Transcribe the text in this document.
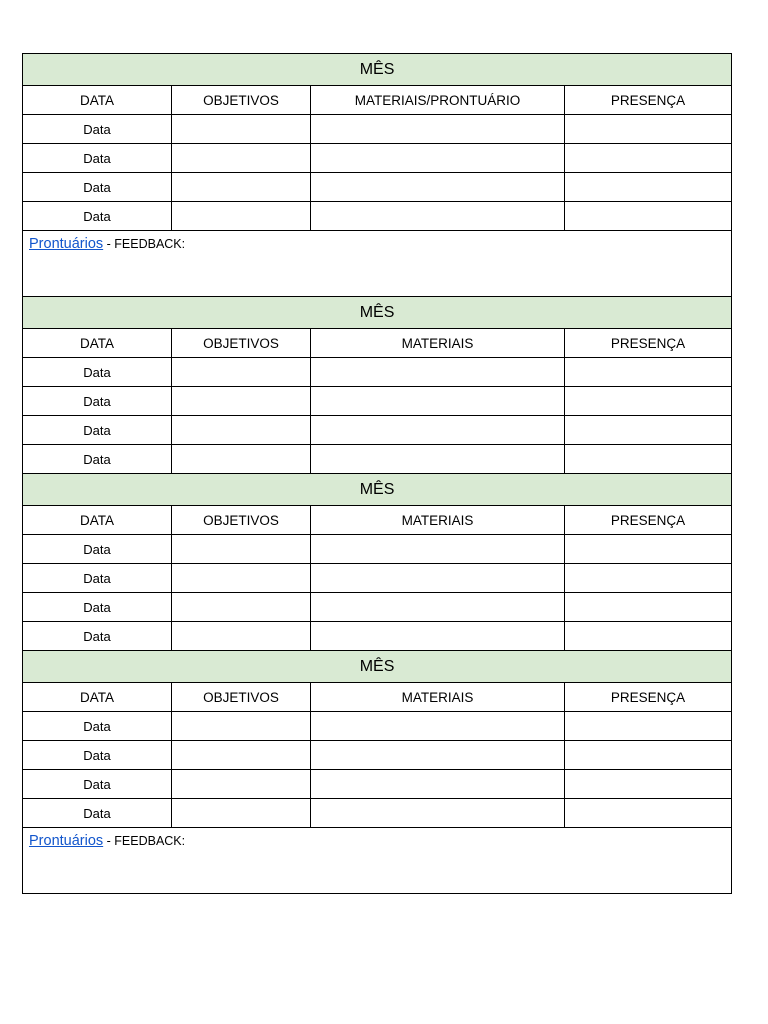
MÊS			
DATA	OBJETIVOS	MATERIAIS/PRONTUÁRIO	PRESENÇA
Data			
Data			
Data			
Data			
Prontuários - FEEDBACK:			
MÊS			
DATA	OBJETIVOS	MATERIAIS	PRESENÇA
Data			
Data			
Data			
Data			
MÊS			
DATA	OBJETIVOS	MATERIAIS	PRESENÇA
Data			
Data			
Data			
Data			
MÊS			
DATA	OBJETIVOS	MATERIAIS	PRESENÇA
Data			
Data			
Data			
Data			
Prontuários - FEEDBACK:			
